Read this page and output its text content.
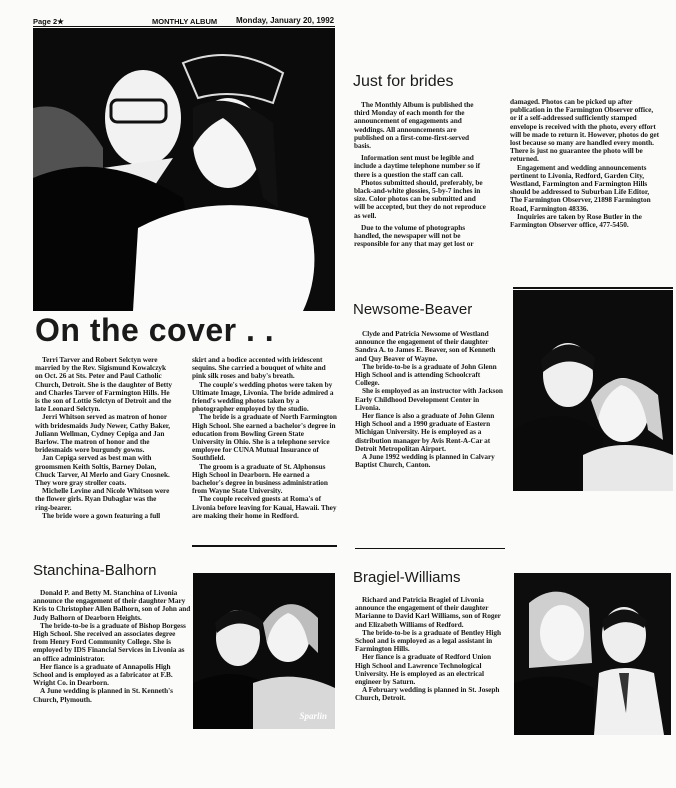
Page 2★	MONTHLY ALBUM Monday, January 20, 1992
On the cover . .

Terri Tarver and Robert Selctyn were married by the Rev. Sigismund Kowalczyk on Oct. 26 at Sts. Peter and Paul Catholic Church, Detroit. She is the daughter of Betty and Charles Tarver of Farmington Hills. He is the son of Lottie Selctyn of Detroit and the late Leonard Selctyn.

Jerri Whitson served as matron of honor with bridesmaids Judy Newer, Cathy Baker, Juliann Wellman, Cydney Cepiga and Jan Barlow. The matron of honor and the bridesmaids wore burgundy gowns.

Jan Cepiga served as best man with groomsmen Keith Soltis, Barney Dolan, Chuck Tarver, Al Merlo and Gary Cnosnek. They wore gray stroller coats.

Michelle Levine and Nicole Whitson were the flower girls. Ryan Dubaglar was the ring-bearer.

The bride wore a gown featuring a full

skirt and a bodice accented with iridescent sequins. She carried a bouquet of white and pink silk roses and baby's breath.

The couple's wedding photos were taken by Ultimate Image, Livonia. The bride admired a friend's wedding photos taken by a photographer employed by the studio.

The bride is a graduate of North Farmington High School. She earned a bachelor's degree in education from Bowling Green State University in Ohio. She is a telephone service employee for CUNA Mutual Insurance of Southfield.

The groom is a graduate of St. Alphonsus High School in Dearborn. He earned a bachelor's degree in business administration from Wayne State University.

The couple received guests at Roma's of Livonia before leaving for Kauai, Hawaii. They are making their home in Redford.

Just for brides

The Monthly Album is published the third Monday of each month for the announcement of engagements and weddings. All announcements are published on a first-come-first-served basis.

Information sent must be legible and include a daytime telephone number so if there is a question the staff can call.

Photos submitted should, preferably, be black-and-white glossies, 5-by-7 inches in size. Color photos can be submitted and will be accepted, but they do not reproduce as well.

Due to the volume of photographs handled, the newspaper will not be responsible for any that may get lost or

damaged. Photos can be picked up after publication in the Farmington Observer office, or if a self-addressed sufficiently stamped envelope is received with the photo, every effort will be made to return it. However, photos do get lost because so many are handled every month. There is just no guarantee the photo will be returned.

Engagement and wedding announcements pertinent to Livonia, Redford, Garden City, Westland, Farmington and Farmington Hills should be addressed to Suburban Life Editor, The Farmington Observer, 21898 Farmington Road, Farmington 48336.

Inquiries are taken by Rose Butler in the Farmington Observer office, 477-5450.

Newsome-Beaver

Clyde and Patricia Newsome of Westland announce the engagement of their daughter Sandra A. to James E. Beaver, son of Kenneth and Quy Beaver of Wayne.

The bride-to-be is a graduate of John Glenn High School and is attending Schoolcraft College.

She is employed as an instructor with Jackson Early Childhood Development Center in Livonia.

Her fiance is also a graduate of John Glenn High School and a 1990 graduate of Eastern Michigan University. He is employed as a distribution manager by Avis Rent-A-Car at Detroit Metropolitan Airport.

A June 1992 wedding is planned in Calvary Baptist Church, Canton.

Stanchina-Balhorn

Donald P. and Betty M. Stanchina of Livonia announce the engagement of their daughter Mary Kris to Christopher Allen Balhorn, son of John and Judy Balhorn of Dearborn Heights.

The bride-to-be is a graduate of Bishop Borgess High School. She received an associates degree from Henry Ford Community College. She is employed by IDS Financial Services in Livonia as an office administrator.

Her fiance is a graduate of Annapolis High School and is employed as a fabricator at F.B. Wright Co. in Dearborn.

A June wedding is planned in St. Kenneth's Church, Plymouth.

Sparlin
Bragiel-Williams

Richard and Patricia Bragiel of Livonia announce the engagement of their daughter Marianne to David Karl Williams, son of Roger and Elizabeth Williams of Redford.

The bride-to-be is a graduate of Bentley High School and is employed as a legal assistant in Farmington Hills.

Her fiance is a graduate of Redford Union High School and Lawrence Technological University. He is employed as an electrical engineer by Saturn.

A February wedding is planned in St. Joseph Church, Detroit.
